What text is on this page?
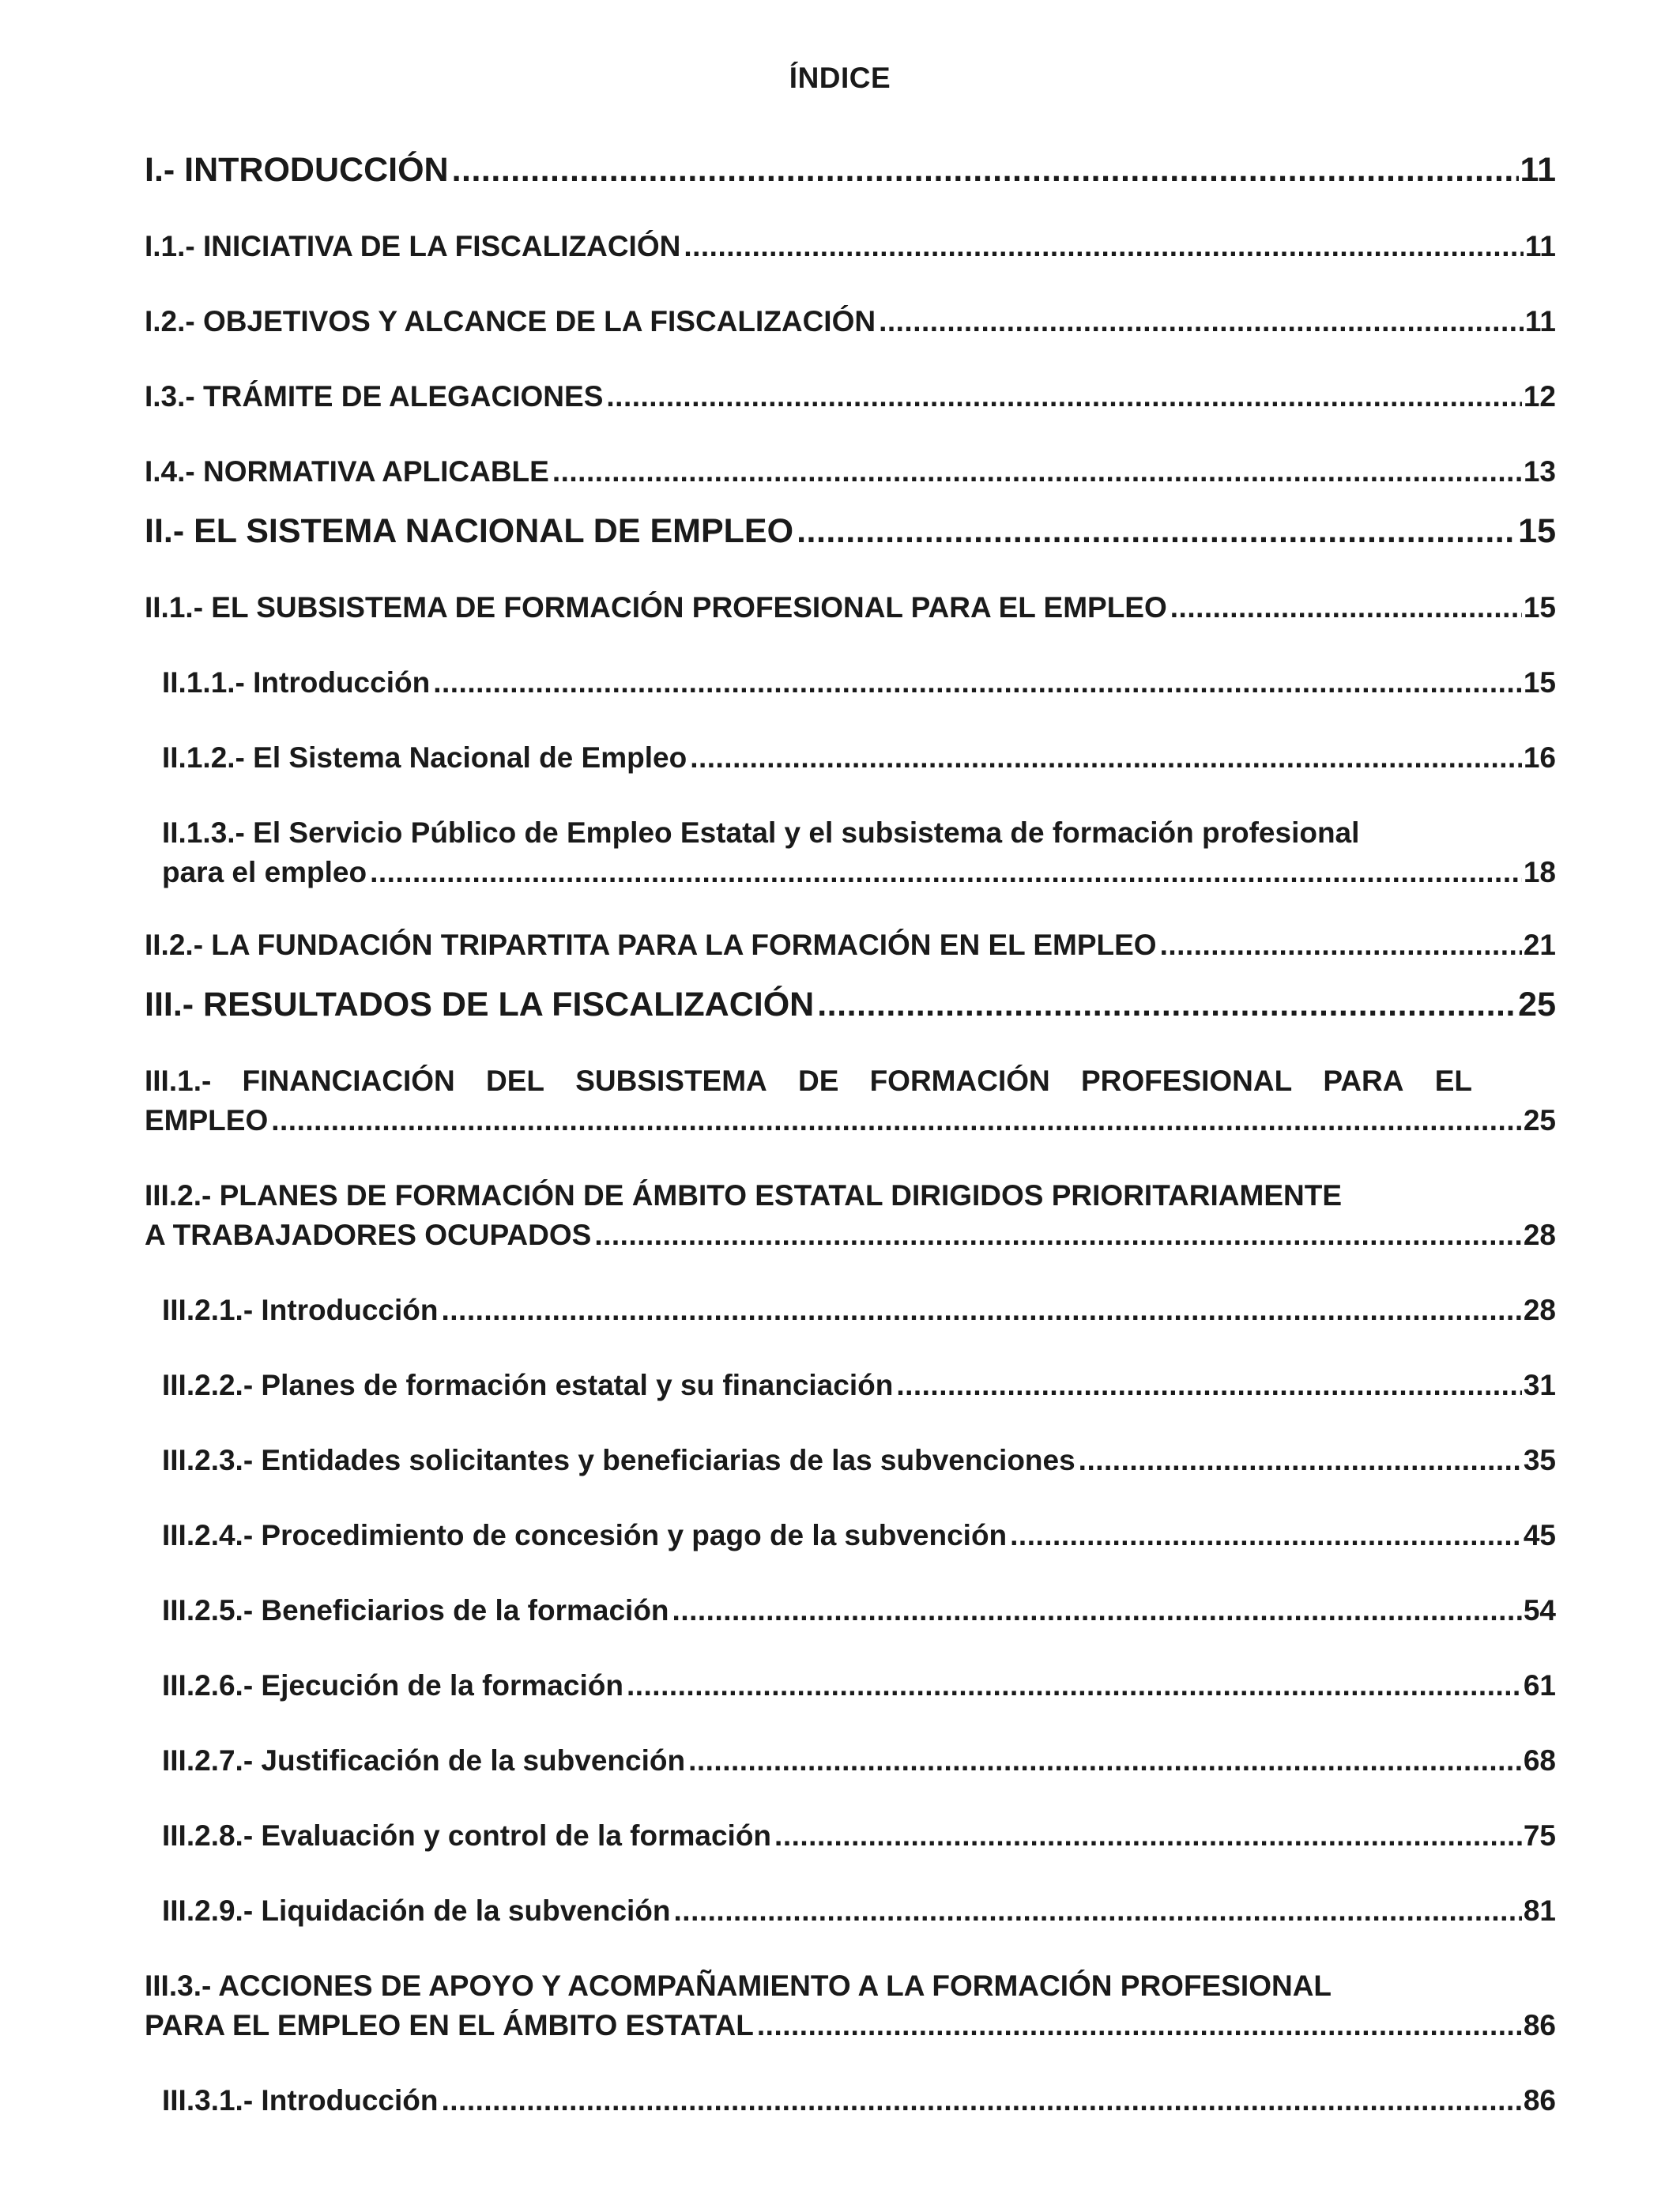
ÍNDICE
I.- INTRODUCCIÓN .....	11
I.1.- INICIATIVA DE LA FISCALIZACIÓN .....	11
I.2.- OBJETIVOS Y ALCANCE DE LA FISCALIZACIÓN .....	11
I.3.- TRÁMITE DE ALEGACIONES .....	12
I.4.- NORMATIVA APLICABLE .....	13
II.- EL SISTEMA NACIONAL DE EMPLEO .....	15
II.1.- EL SUBSISTEMA DE FORMACIÓN PROFESIONAL PARA EL EMPLEO .....	15
II.1.1.- Introducción .....	15
II.1.2.- El Sistema Nacional de Empleo .....	16
II.1.3.- El Servicio Público de Empleo Estatal y el subsistema de formación profesional
para el empleo .....	18
II.2.- LA FUNDACIÓN TRIPARTITA PARA LA FORMACIÓN EN EL EMPLEO .....	21
III.- RESULTADOS DE LA FISCALIZACIÓN .....	25
III.1.- FINANCIACIÓN DEL SUBSISTEMA DE FORMACIÓN PROFESIONAL PARA EL
EMPLEO .....	25
III.2.- PLANES DE FORMACIÓN DE ÁMBITO ESTATAL DIRIGIDOS PRIORITARIAMENTE
A TRABAJADORES OCUPADOS .....	28
III.2.1.- Introducción .....	28
III.2.2.- Planes de formación estatal y su financiación .....	31
III.2.3.- Entidades solicitantes y beneficiarias de las subvenciones .....	35
III.2.4.- Procedimiento de concesión y pago de la subvención .....	45
III.2.5.- Beneficiarios de la formación .....	54
III.2.6.- Ejecución de la formación .....	61
III.2.7.- Justificación de la subvención .....	68
III.2.8.- Evaluación y control de la formación .....	75
III.2.9.- Liquidación de la subvención .....	81
III.3.- ACCIONES DE APOYO Y ACOMPAÑAMIENTO A LA FORMACIÓN PROFESIONAL
PARA EL EMPLEO EN EL ÁMBITO ESTATAL .....	86
III.3.1.- Introducción .....	86
